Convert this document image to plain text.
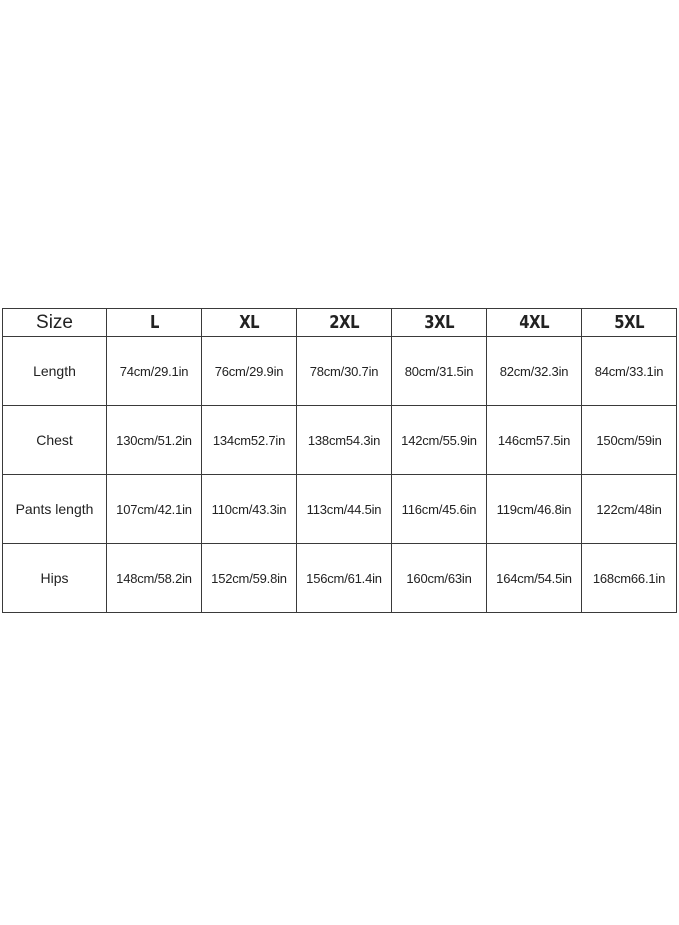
Size	L	XL	2XL	3XL	4XL	5XL
Length	74cm/29.1in	76cm/29.9in	78cm/30.7in	80cm/31.5in	82cm/32.3in	84cm/33.1in
Chest	130cm/51.2in	134cm52.7in	138cm54.3in	142cm/55.9in	146cm57.5in	150cm/59in
Pants length	107cm/42.1in	110cm/43.3in	113cm/44.5in	116cm/45.6in	119cm/46.8in	122cm/48in
Hips	148cm/58.2in	152cm/59.8in	156cm/61.4in	160cm/63in	164cm/54.5in	168cm66.1in
